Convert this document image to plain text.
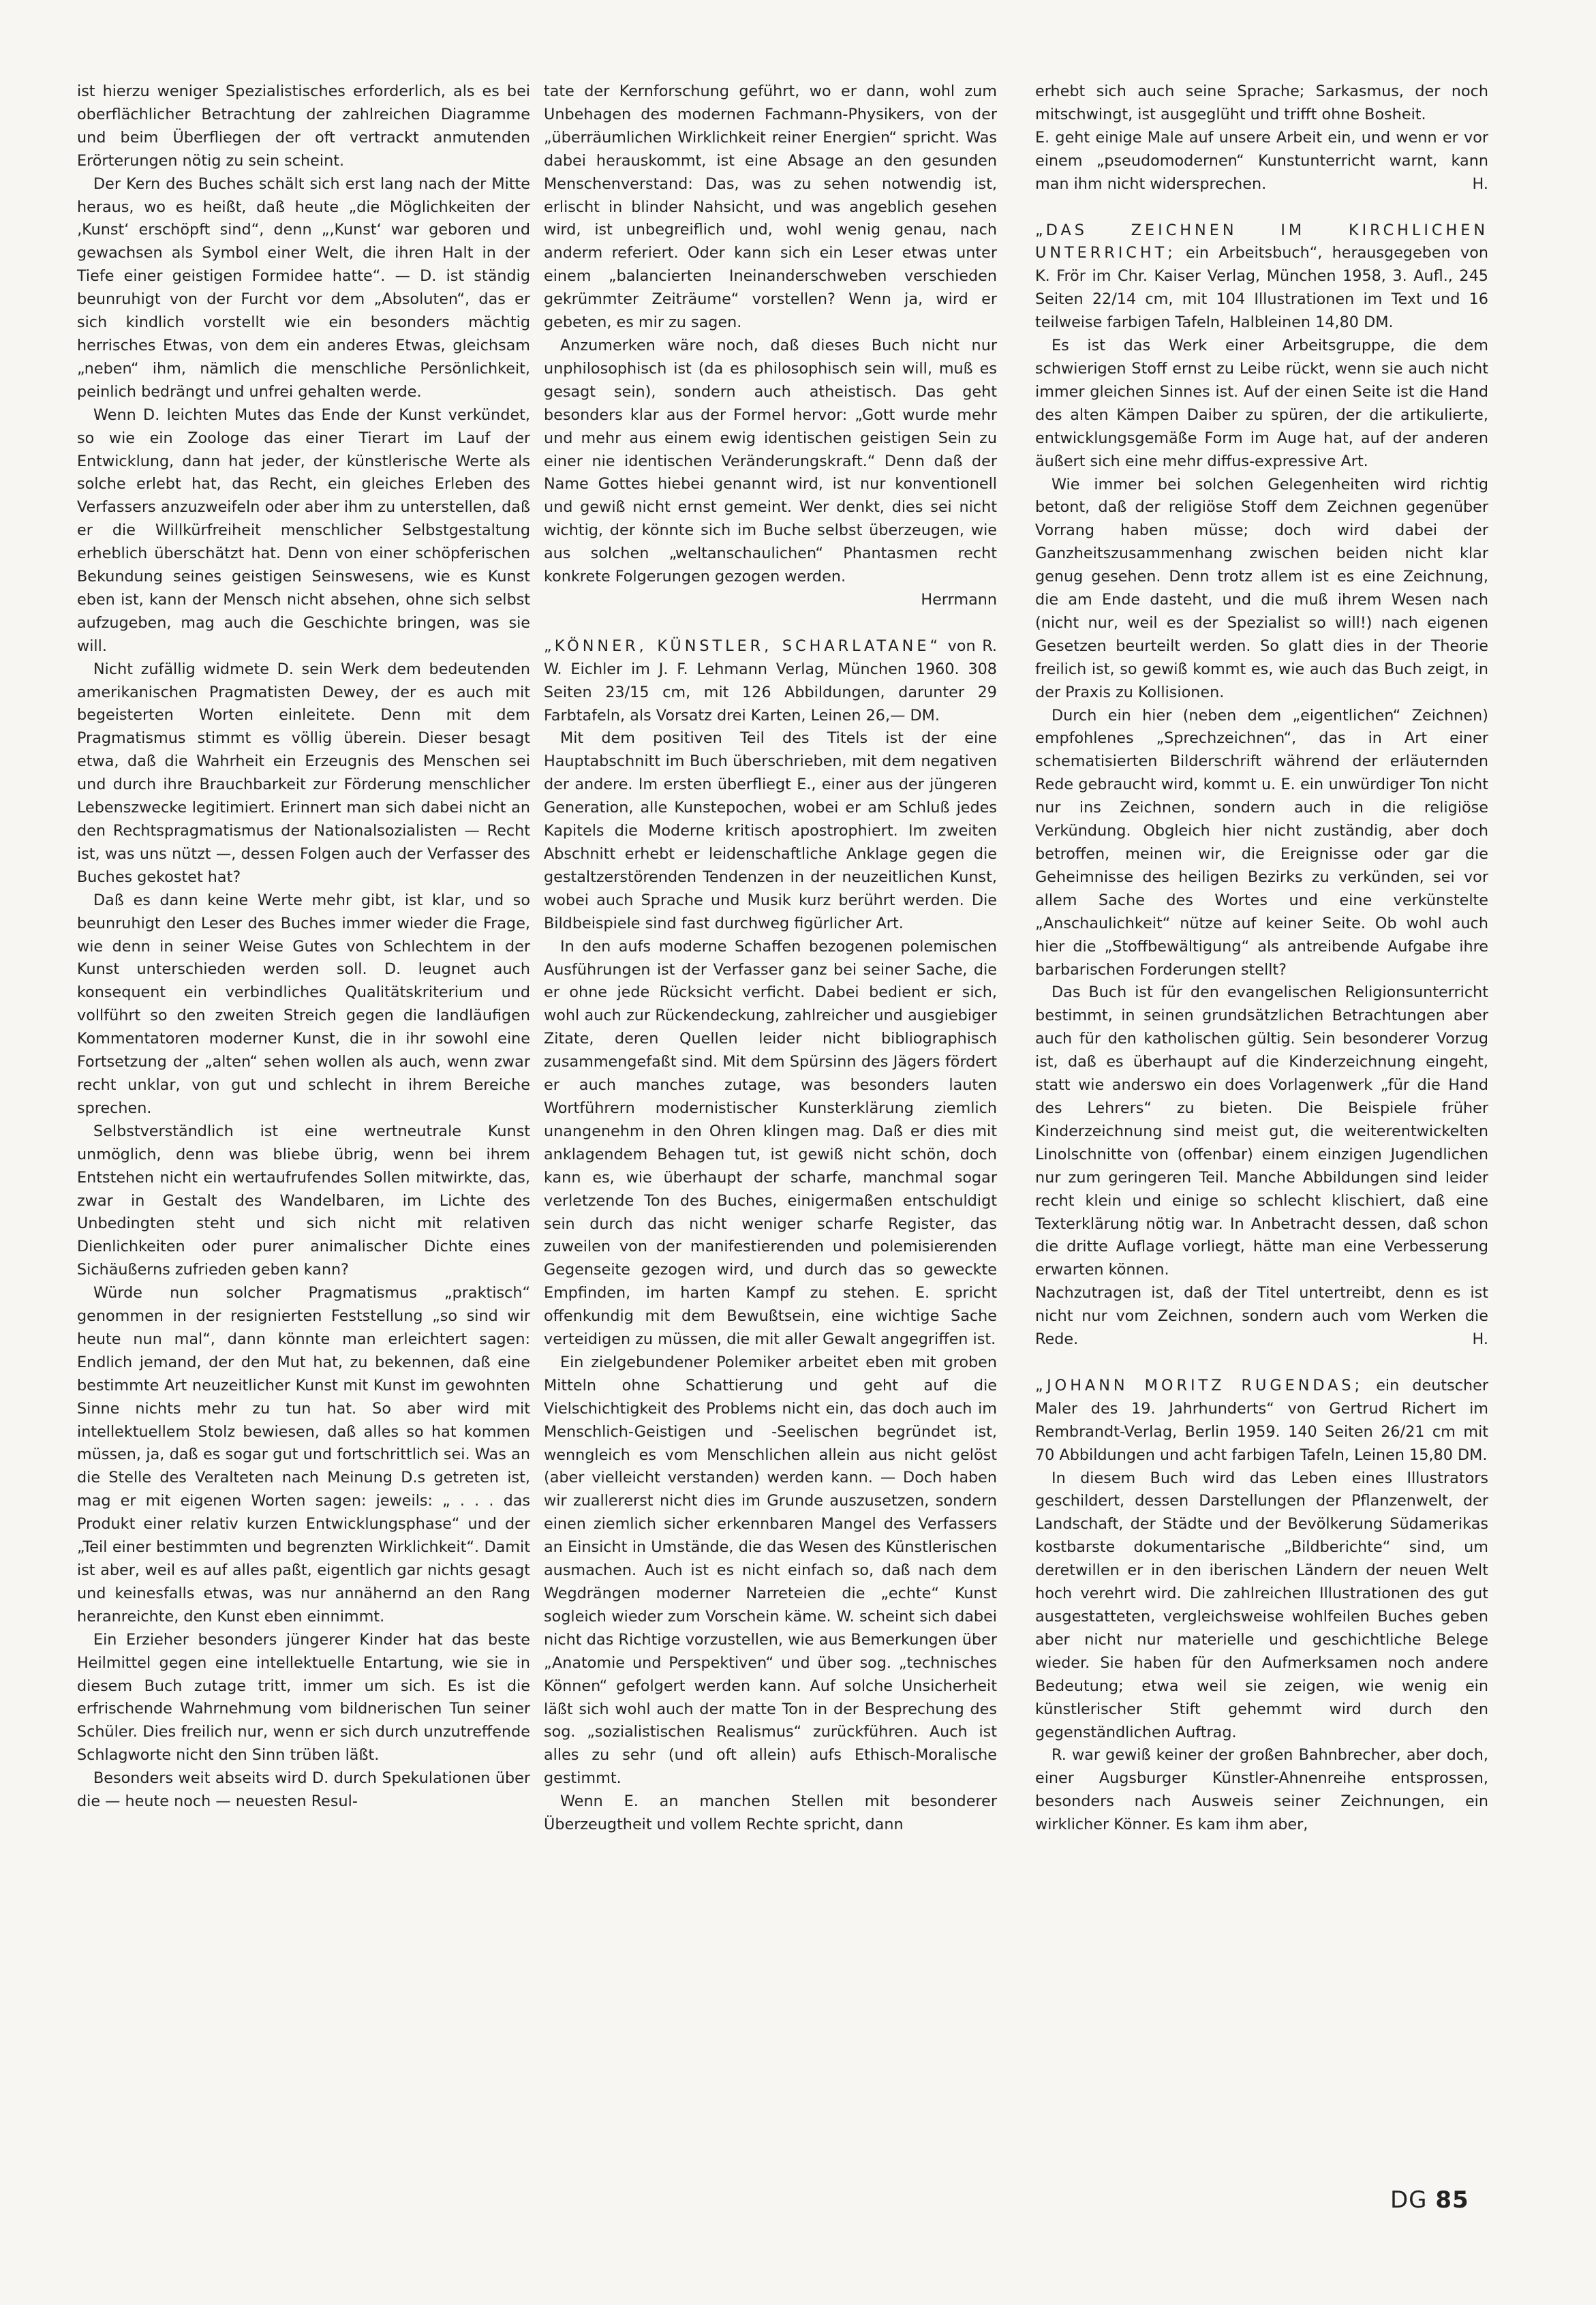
ist hierzu weniger Spezialistisches erforderlich, als es bei oberflächlicher Betrachtung der zahlreichen Diagramme und beim Überfliegen der oft vertrackt anmutenden Erörterungen nötig zu sein scheint.

Der Kern des Buches schält sich erst lang nach der Mitte heraus, wo es heißt, daß heute „die Möglichkeiten der ‚Kunst‘ erschöpft sind“, denn „‚Kunst‘ war geboren und gewachsen als Symbol einer Welt, die ihren Halt in der Tiefe einer geistigen Formidee hatte“. — D. ist ständig beunruhigt von der Furcht vor dem „Absoluten“, das er sich kindlich vorstellt wie ein besonders mächtig herrisches Etwas, von dem ein anderes Etwas, gleichsam „neben“ ihm, nämlich die menschliche Persönlichkeit, peinlich bedrängt und unfrei gehalten werde.

Wenn D. leichten Mutes das Ende der Kunst verkündet, so wie ein Zoologe das einer Tierart im Lauf der Entwicklung, dann hat jeder, der künstlerische Werte als solche erlebt hat, das Recht, ein gleiches Erleben des Verfassers anzuzweifeln oder aber ihm zu unterstellen, daß er die Willkürfreiheit menschlicher Selbstgestaltung erheblich überschätzt hat. Denn von einer schöpferischen Bekundung seines geistigen Seinswesens, wie es Kunst eben ist, kann der Mensch nicht absehen, ohne sich selbst aufzugeben, mag auch die Geschichte bringen, was sie will.

Nicht zufällig widmete D. sein Werk dem bedeutenden amerikanischen Pragmatisten Dewey, der es auch mit begeisterten Worten einleitete. Denn mit dem Pragmatismus stimmt es völlig überein. Dieser besagt etwa, daß die Wahrheit ein Erzeugnis des Menschen sei und durch ihre Brauchbarkeit zur Förderung menschlicher Lebenszwecke legitimiert. Erinnert man sich dabei nicht an den Rechtspragmatismus der Nationalsozialisten — Recht ist, was uns nützt —, dessen Folgen auch der Verfasser des Buches gekostet hat?

Daß es dann keine Werte mehr gibt, ist klar, und so beunruhigt den Leser des Buches immer wieder die Frage, wie denn in seiner Weise Gutes von Schlechtem in der Kunst unterschieden werden soll. D. leugnet auch konsequent ein verbindliches Qualitätskriterium und vollführt so den zweiten Streich gegen die landläufigen Kommentatoren moderner Kunst, die in ihr sowohl eine Fortsetzung der „alten“ sehen wollen als auch, wenn zwar recht unklar, von gut und schlecht in ihrem Bereiche sprechen.

Selbstverständlich ist eine wertneutrale Kunst unmöglich, denn was bliebe übrig, wenn bei ihrem Entstehen nicht ein wertaufrufendes Sollen mitwirkte, das, zwar in Gestalt des Wandelbaren, im Lichte des Unbedingten steht und sich nicht mit relativen Dienlichkeiten oder purer animalischer Dichte eines Sichäußerns zufrieden geben kann?

Würde nun solcher Pragmatismus „praktisch“ genommen in der resignierten Feststellung „so sind wir heute nun mal“, dann könnte man erleichtert sagen: Endlich jemand, der den Mut hat, zu bekennen, daß eine bestimmte Art neuzeitlicher Kunst mit Kunst im gewohnten Sinne nichts mehr zu tun hat. So aber wird mit intellektuellem Stolz bewiesen, daß alles so hat kommen müssen, ja, daß es sogar gut und fortschrittlich sei. Was an die Stelle des Veralteten nach Meinung D.s getreten ist, mag er mit eigenen Worten sagen: jeweils: „ . . . das Produkt einer relativ kurzen Entwicklungsphase“ und der „Teil einer bestimmten und begrenzten Wirklichkeit“. Damit ist aber, weil es auf alles paßt, eigentlich gar nichts gesagt und keinesfalls etwas, was nur annähernd an den Rang heranreichte, den Kunst eben einnimmt.

Ein Erzieher besonders jüngerer Kinder hat das beste Heilmittel gegen eine intellektuelle Entartung, wie sie in diesem Buch zutage tritt, immer um sich. Es ist die erfrischende Wahrnehmung vom bildnerischen Tun seiner Schüler. Dies freilich nur, wenn er sich durch unzutreffende Schlagworte nicht den Sinn trüben läßt.

Besonders weit abseits wird D. durch Spekulationen über die — heute noch — neuesten Resul-

tate der Kernforschung geführt, wo er dann, wohl zum Unbehagen des modernen Fachmann-Physikers, von der „überräumlichen Wirklichkeit reiner Energien“ spricht. Was dabei herauskommt, ist eine Absage an den gesunden Menschenverstand: Das, was zu sehen notwendig ist, erlischt in blinder Nahsicht, und was angeblich gesehen wird, ist unbegreiflich und, wohl wenig genau, nach anderm referiert. Oder kann sich ein Leser etwas unter einem „balancierten Ineinanderschweben verschieden gekrümmter Zeiträume“ vorstellen? Wenn ja, wird er gebeten, es mir zu sagen.

Anzumerken wäre noch, daß dieses Buch nicht nur unphilosophisch ist (da es philosophisch sein will, muß es gesagt sein), sondern auch atheistisch. Das geht besonders klar aus der Formel hervor: „Gott wurde mehr und mehr aus einem ewig identischen geistigen Sein zu einer nie identischen Veränderungskraft.“ Denn daß der Name Gottes hiebei genannt wird, ist nur konventionell und gewiß nicht ernst gemeint. Wer denkt, dies sei nicht wichtig, der könnte sich im Buche selbst überzeugen, wie aus solchen „weltanschaulichen“ Phantasmen recht konkrete Folgerungen gezogen werden.

Herrmann

„KÖNNER, KÜNSTLER, SCHARLATANE“ von R. W. Eichler im J. F. Lehmann Verlag, München 1960. 308 Seiten 23/15 cm, mit 126 Abbildungen, darunter 29 Farbtafeln, als Vorsatz drei Karten, Leinen 26,— DM.

Mit dem positiven Teil des Titels ist der eine Hauptabschnitt im Buch überschrieben, mit dem negativen der andere. Im ersten überfliegt E., einer aus der jüngeren Generation, alle Kunstepochen, wobei er am Schluß jedes Kapitels die Moderne kritisch apostrophiert. Im zweiten Abschnitt erhebt er leidenschaftliche Anklage gegen die gestaltzerstörenden Tendenzen in der neuzeitlichen Kunst, wobei auch Sprache und Musik kurz berührt werden. Die Bildbeispiele sind fast durchweg figürlicher Art.

In den aufs moderne Schaffen bezogenen polemischen Ausführungen ist der Verfasser ganz bei seiner Sache, die er ohne jede Rücksicht verficht. Dabei bedient er sich, wohl auch zur Rückendeckung, zahlreicher und ausgiebiger Zitate, deren Quellen leider nicht bibliographisch zusammengefaßt sind. Mit dem Spürsinn des Jägers fördert er auch manches zutage, was besonders lauten Wortführern modernistischer Kunsterklärung ziemlich unangenehm in den Ohren klingen mag. Daß er dies mit anklagendem Behagen tut, ist gewiß nicht schön, doch kann es, wie überhaupt der scharfe, manchmal sogar verletzende Ton des Buches, einigermaßen entschuldigt sein durch das nicht weniger scharfe Register, das zuweilen von der manifestierenden und polemisierenden Gegenseite gezogen wird, und durch das so geweckte Empfinden, im harten Kampf zu stehen. E. spricht offenkundig mit dem Bewußtsein, eine wichtige Sache verteidigen zu müssen, die mit aller Gewalt angegriffen ist.

Ein zielgebundener Polemiker arbeitet eben mit groben Mitteln ohne Schattierung und geht auf die Vielschichtigkeit des Problems nicht ein, das doch auch im Menschlich-Geistigen und -Seelischen begründet ist, wenngleich es vom Menschlichen allein aus nicht gelöst (aber vielleicht verstanden) werden kann. — Doch haben wir zuallererst nicht dies im Grunde auszusetzen, sondern einen ziemlich sicher erkennbaren Mangel des Verfassers an Einsicht in Umstände, die das Wesen des Künstlerischen ausmachen. Auch ist es nicht einfach so, daß nach dem Wegdrängen moderner Narreteien die „echte“ Kunst sogleich wieder zum Vorschein käme. W. scheint sich dabei nicht das Richtige vorzustellen, wie aus Bemerkungen über „Anatomie und Perspektiven“ und über sog. „technisches Können“ gefolgert werden kann. Auf solche Unsicherheit läßt sich wohl auch der matte Ton in der Besprechung des sog. „sozialistischen Realismus“ zurückführen. Auch ist alles zu sehr (und oft allein) aufs Ethisch-Moralische gestimmt.

Wenn E. an manchen Stellen mit besonderer Überzeugtheit und vollem Rechte spricht, dann

erhebt sich auch seine Sprache; Sarkasmus, der noch mitschwingt, ist ausgeglüht und trifft ohne Bosheit.

E. geht einige Male auf unsere Arbeit ein, und wenn er vor einem „pseudomodernen“ Kunstunterricht warnt, kann man ihm nicht widersprechen.	H.

„DAS ZEICHNEN IM KIRCHLICHEN UNTERRICHT; ein Arbeitsbuch“, herausgegeben von K. Frör im Chr. Kaiser Verlag, München 1958, 3. Aufl., 245 Seiten 22/14 cm, mit 104 Illustrationen im Text und 16 teilweise farbigen Tafeln, Halbleinen 14,80 DM.

Es ist das Werk einer Arbeitsgruppe, die dem schwierigen Stoff ernst zu Leibe rückt, wenn sie auch nicht immer gleichen Sinnes ist. Auf der einen Seite ist die Hand des alten Kämpen Daiber zu spüren, der die artikulierte, entwicklungsgemäße Form im Auge hat, auf der anderen äußert sich eine mehr diffus-expressive Art.

Wie immer bei solchen Gelegenheiten wird richtig betont, daß der religiöse Stoff dem Zeichnen gegenüber Vorrang haben müsse; doch wird dabei der Ganzheitszusammenhang zwischen beiden nicht klar genug gesehen. Denn trotz allem ist es eine Zeichnung, die am Ende dasteht, und die muß ihrem Wesen nach (nicht nur, weil es der Spezialist so will!) nach eigenen Gesetzen beurteilt werden. So glatt dies in der Theorie freilich ist, so gewiß kommt es, wie auch das Buch zeigt, in der Praxis zu Kollisionen.

Durch ein hier (neben dem „eigentlichen“ Zeichnen) empfohlenes „Sprechzeichnen“, das in Art einer schematisierten Bilderschrift während der erläuternden Rede gebraucht wird, kommt u. E. ein unwürdiger Ton nicht nur ins Zeichnen, sondern auch in die religiöse Verkündung. Obgleich hier nicht zuständig, aber doch betroffen, meinen wir, die Ereignisse oder gar die Geheimnisse des heiligen Bezirks zu verkünden, sei vor allem Sache des Wortes und eine verkünstelte „Anschaulichkeit“ nütze auf keiner Seite. Ob wohl auch hier die „Stoffbewältigung“ als antreibende Aufgabe ihre barbarischen Forderungen stellt?

Das Buch ist für den evangelischen Religionsunterricht bestimmt, in seinen grundsätzlichen Betrachtungen aber auch für den katholischen gültig. Sein besonderer Vorzug ist, daß es überhaupt auf die Kinderzeichnung eingeht, statt wie anderswo ein does Vorlagenwerk „für die Hand des Lehrers“ zu bieten. Die Beispiele früher Kinderzeichnung sind meist gut, die weiterentwickelten Linolschnitte von (offenbar) einem einzigen Jugendlichen nur zum geringeren Teil. Manche Abbildungen sind leider recht klein und einige so schlecht klischiert, daß eine Texterklärung nötig war. In Anbetracht dessen, daß schon die dritte Auflage vorliegt, hätte man eine Verbesserung erwarten können.

Nachzutragen ist, daß der Titel untertreibt, denn es ist nicht nur vom Zeichnen, sondern auch vom Werken die Rede.	H.

„JOHANN MORITZ RUGENDAS; ein deutscher Maler des 19. Jahrhunderts“ von Gertrud Richert im Rembrandt-Verlag, Berlin 1959. 140 Seiten 26/21 cm mit 70 Abbildungen und acht farbigen Tafeln, Leinen 15,80 DM.

In diesem Buch wird das Leben eines Illustrators geschildert, dessen Darstellungen der Pflanzenwelt, der Landschaft, der Städte und der Bevölkerung Südamerikas kostbarste dokumentarische „Bildberichte“ sind, um deretwillen er in den iberischen Ländern der neuen Welt hoch verehrt wird. Die zahlreichen Illustrationen des gut ausgestatteten, vergleichsweise wohlfeilen Buches geben aber nicht nur materielle und geschichtliche Belege wieder. Sie haben für den Aufmerksamen noch andere Bedeutung; etwa weil sie zeigen, wie wenig ein künstlerischer Stift gehemmt wird durch den gegenständlichen Auftrag.

R. war gewiß keiner der großen Bahnbrecher, aber doch, einer Augsburger Künstler-Ahnenreihe entsprossen, besonders nach Ausweis seiner Zeichnungen, ein wirklicher Könner. Es kam ihm aber,

DG 85
